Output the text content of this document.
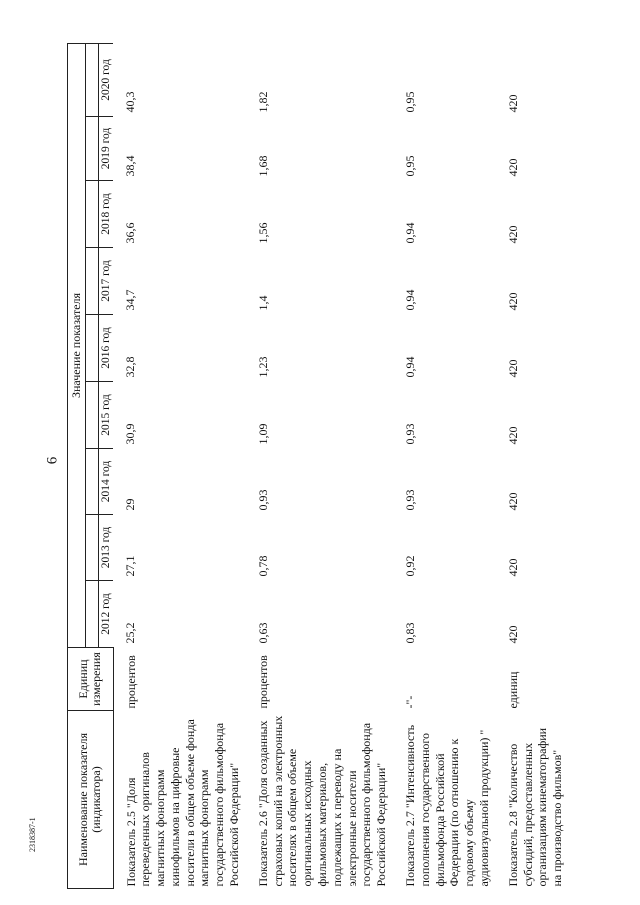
6
2318387-1	Наименование показателя (индикатора)	Единиц измерения	Значение показателя								

		2012 год	2013 год	2014 год	2015 год	2016 год	2017 год	2018 год	2019 год	2020 год
Показатель 2.5 "Доля переведенных оригиналов магнитных фонограмм кинофильмов на цифровые носители в общем объеме фонда магнитных фонограмм государственного фильмофонда Российской Федерации"	процентов	25,2	27,1	29	30,9	32,8	34,7	36,6	38,4	40,3
Показатель 2.6 "Доля созданных страховых копий на электронных носителях в общем объеме оригинальных исходных фильмовых материалов, подлежащих к переводу на электронные носители государственного фильмофонда Российской Федерации"	процентов	0,63	0,78	0,93	1,09	1,23	1,4	1,56	1,68	1,82
Показатель 2.7 "Интенсивность пополнения государственного фильмофонда Российской Федерации (по отношению к годовому объему аудиовизуальной продукции) "	-"-	0,83	0,92	0,93	0,93	0,94	0,94	0,94	0,95	0,95
Показатель 2.8 "Количество субсидий, предоставленных организациям кинематографии на производство фильмов"	единиц	420	420	420	420	420	420	420	420	420
